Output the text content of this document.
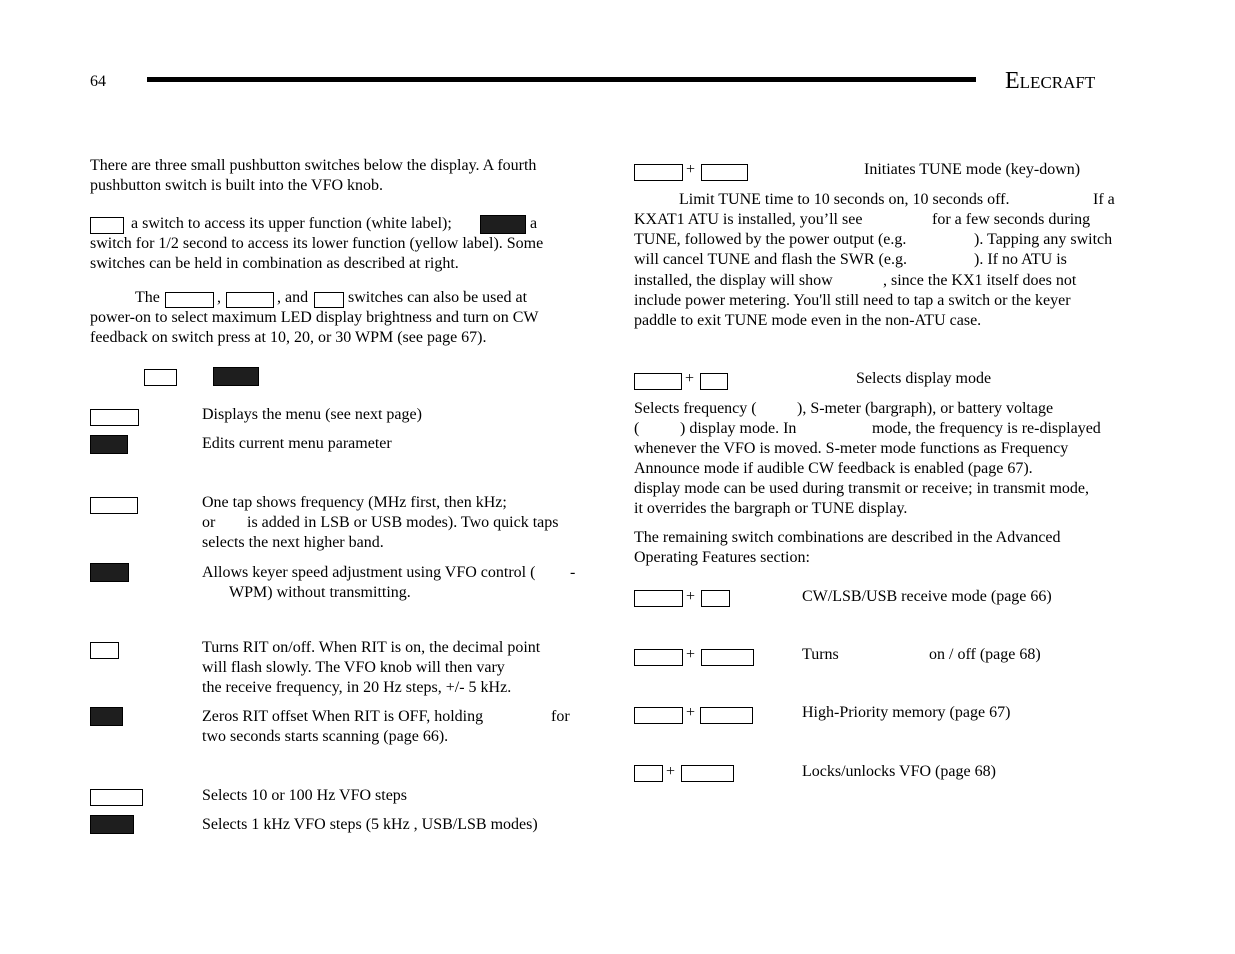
64	ELECRAFT
There are three small pushbutton switches below the display. A fourth
pushbutton switch is built into the VFO knob.
a switch to access its upper function (white label);	a
switch for 1/2 second to access its lower function (yellow label). Some
switches can be held in combination as described at right.
The	,	, and switches can also be used at
power-on to select maximum LED display brightness and turn on CW
feedback on switch press at 10, 20, or 30 WPM (see page 67).
Displays the menu (see next page)
Edits current menu parameter
One tap shows frequency (MHz first, then kHz;
or is added in LSB or USB modes). Two quick taps
selects the next higher band.
Allows keyer speed adjustment using VFO control ( -
WPM) without transmitting.
Turns RIT on/off. When RIT is on, the decimal point
will flash slowly. The VFO knob will then vary
the receive frequency, in 20 Hz steps, +/- 5 kHz.
Zeros RIT offset When RIT is OFF, holding	for
two seconds starts scanning (page 66).
Selects 10 or 100 Hz VFO steps
Selects 1 kHz VFO steps (5 kHz , USB/LSB modes)
+	Initiates TUNE mode (key-down)
Limit TUNE time to 10 seconds on, 10 seconds off.	If a
KXAT1 ATU is installed, you’ll see	for a few seconds during
TUNE, followed by the power output (e.g.	). Tapping any switch
will cancel TUNE and flash the SWR (e.g.	). If no ATU is
installed, the display will show	, since the KX1 itself does not
include power metering. You'll still need to tap a switch or the keyer
paddle to exit TUNE mode even in the non-ATU case.
+	Selects display mode
Selects frequency (	), S-meter (bargraph), or battery voltage
(	) display mode. In	mode, the frequency is re-displayed
whenever the VFO is moved. S-meter mode functions as Frequency
Announce mode if audible CW feedback is enabled (page 67).
display mode can be used during transmit or receive; in transmit mode,
it overrides the bargraph or TUNE display.
The remaining switch combinations are described in the Advanced
Operating Features section:
+	CW/LSB/USB receive mode (page 66)
+	Turns	on / off (page 68)
+	High-Priority memory (page 67)
+	Locks/unlocks VFO (page 68)
